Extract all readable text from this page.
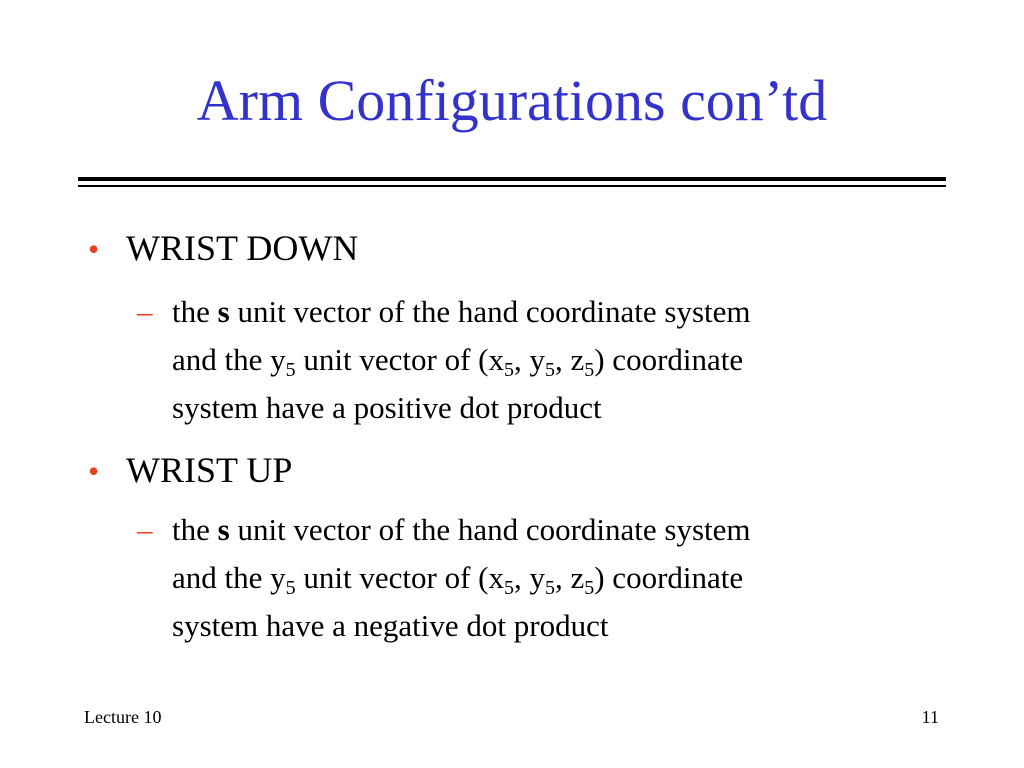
Arm Configurations con’td
• WRIST DOWN
– the s unit vector of the hand coordinate system
and the $y_5$ unit vector of ($x_5$, $y_5$, $z_5$) coordinate
system have a positive dot product
• WRIST UP
– the s unit vector of the hand coordinate system
and the $y_5$ unit vector of ($x_5$, $y_5$, $z_5$) coordinate
system have a negative dot product
Lecture 10	11
